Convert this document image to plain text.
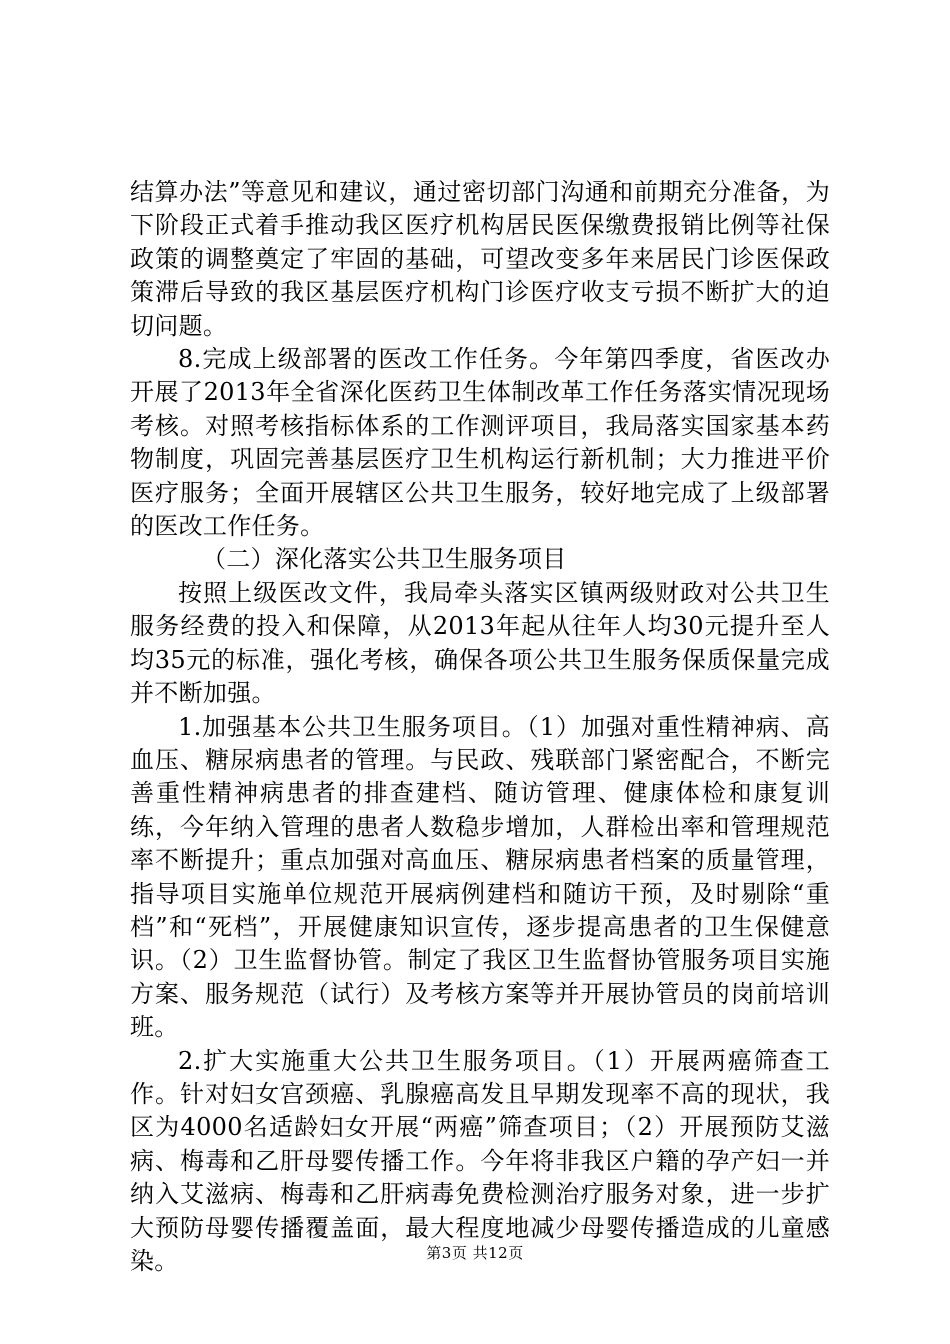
结算办法”等意见和建议，通过密切部门沟通和前期充分准备，为下阶段正式着手推动我区医疗机构居民医保缴费报销比例等社保政策的调整奠定了牢固的基础，可望改变多年来居民门诊医保政策滞后导致的我区基层医疗机构门诊医疗收支亏损不断扩大的迫切问题。

8.完成上级部署的医改工作任务。今年第四季度，省医改办开展了2013年全省深化医药卫生体制改革工作任务落实情况现场考核。对照考核指标体系的工作测评项目，我局落实国家基本药物制度，巩固完善基层医疗卫生机构运行新机制；大力推进平价医疗服务；全面开展辖区公共卫生服务，较好地完成了上级部署的医改工作任务。

（二）深化落实公共卫生服务项目

按照上级医改文件，我局牵头落实区镇两级财政对公共卫生服务经费的投入和保障，从2013年起从往年人均30元提升至人均35元的标准，强化考核，确保各项公共卫生服务保质保量完成并不断加强。

1.加强基本公共卫生服务项目。（1）加强对重性精神病、高血压、糖尿病患者的管理。与民政、残联部门紧密配合，不断完善重性精神病患者的排查建档、随访管理、健康体检和康复训练，今年纳入管理的患者人数稳步增加，人群检出率和管理规范率不断提升；重点加强对高血压、糖尿病患者档案的质量管理，指导项目实施单位规范开展病例建档和随访干预，及时剔除“重档”和“死档”，开展健康知识宣传，逐步提高患者的卫生保健意识。（2）卫生监督协管。制定了我区卫生监督协管服务项目实施方案、服务规范（试行）及考核方案等并开展协管员的岗前培训班。

2.扩大实施重大公共卫生服务项目。（1）开展两癌筛查工作。针对妇女宫颈癌、乳腺癌高发且早期发现率不高的现状，我区为4000名适龄妇女开展“两癌”筛查项目；（2）开展预防艾滋病、梅毒和乙肝母婴传播工作。今年将非我区户籍的孕产妇一并纳入艾滋病、梅毒和乙肝病毒免费检测治疗服务对象，进一步扩大预防母婴传播覆盖面，最大程度地减少母婴传播造成的儿童感染。	第3页 共12页
